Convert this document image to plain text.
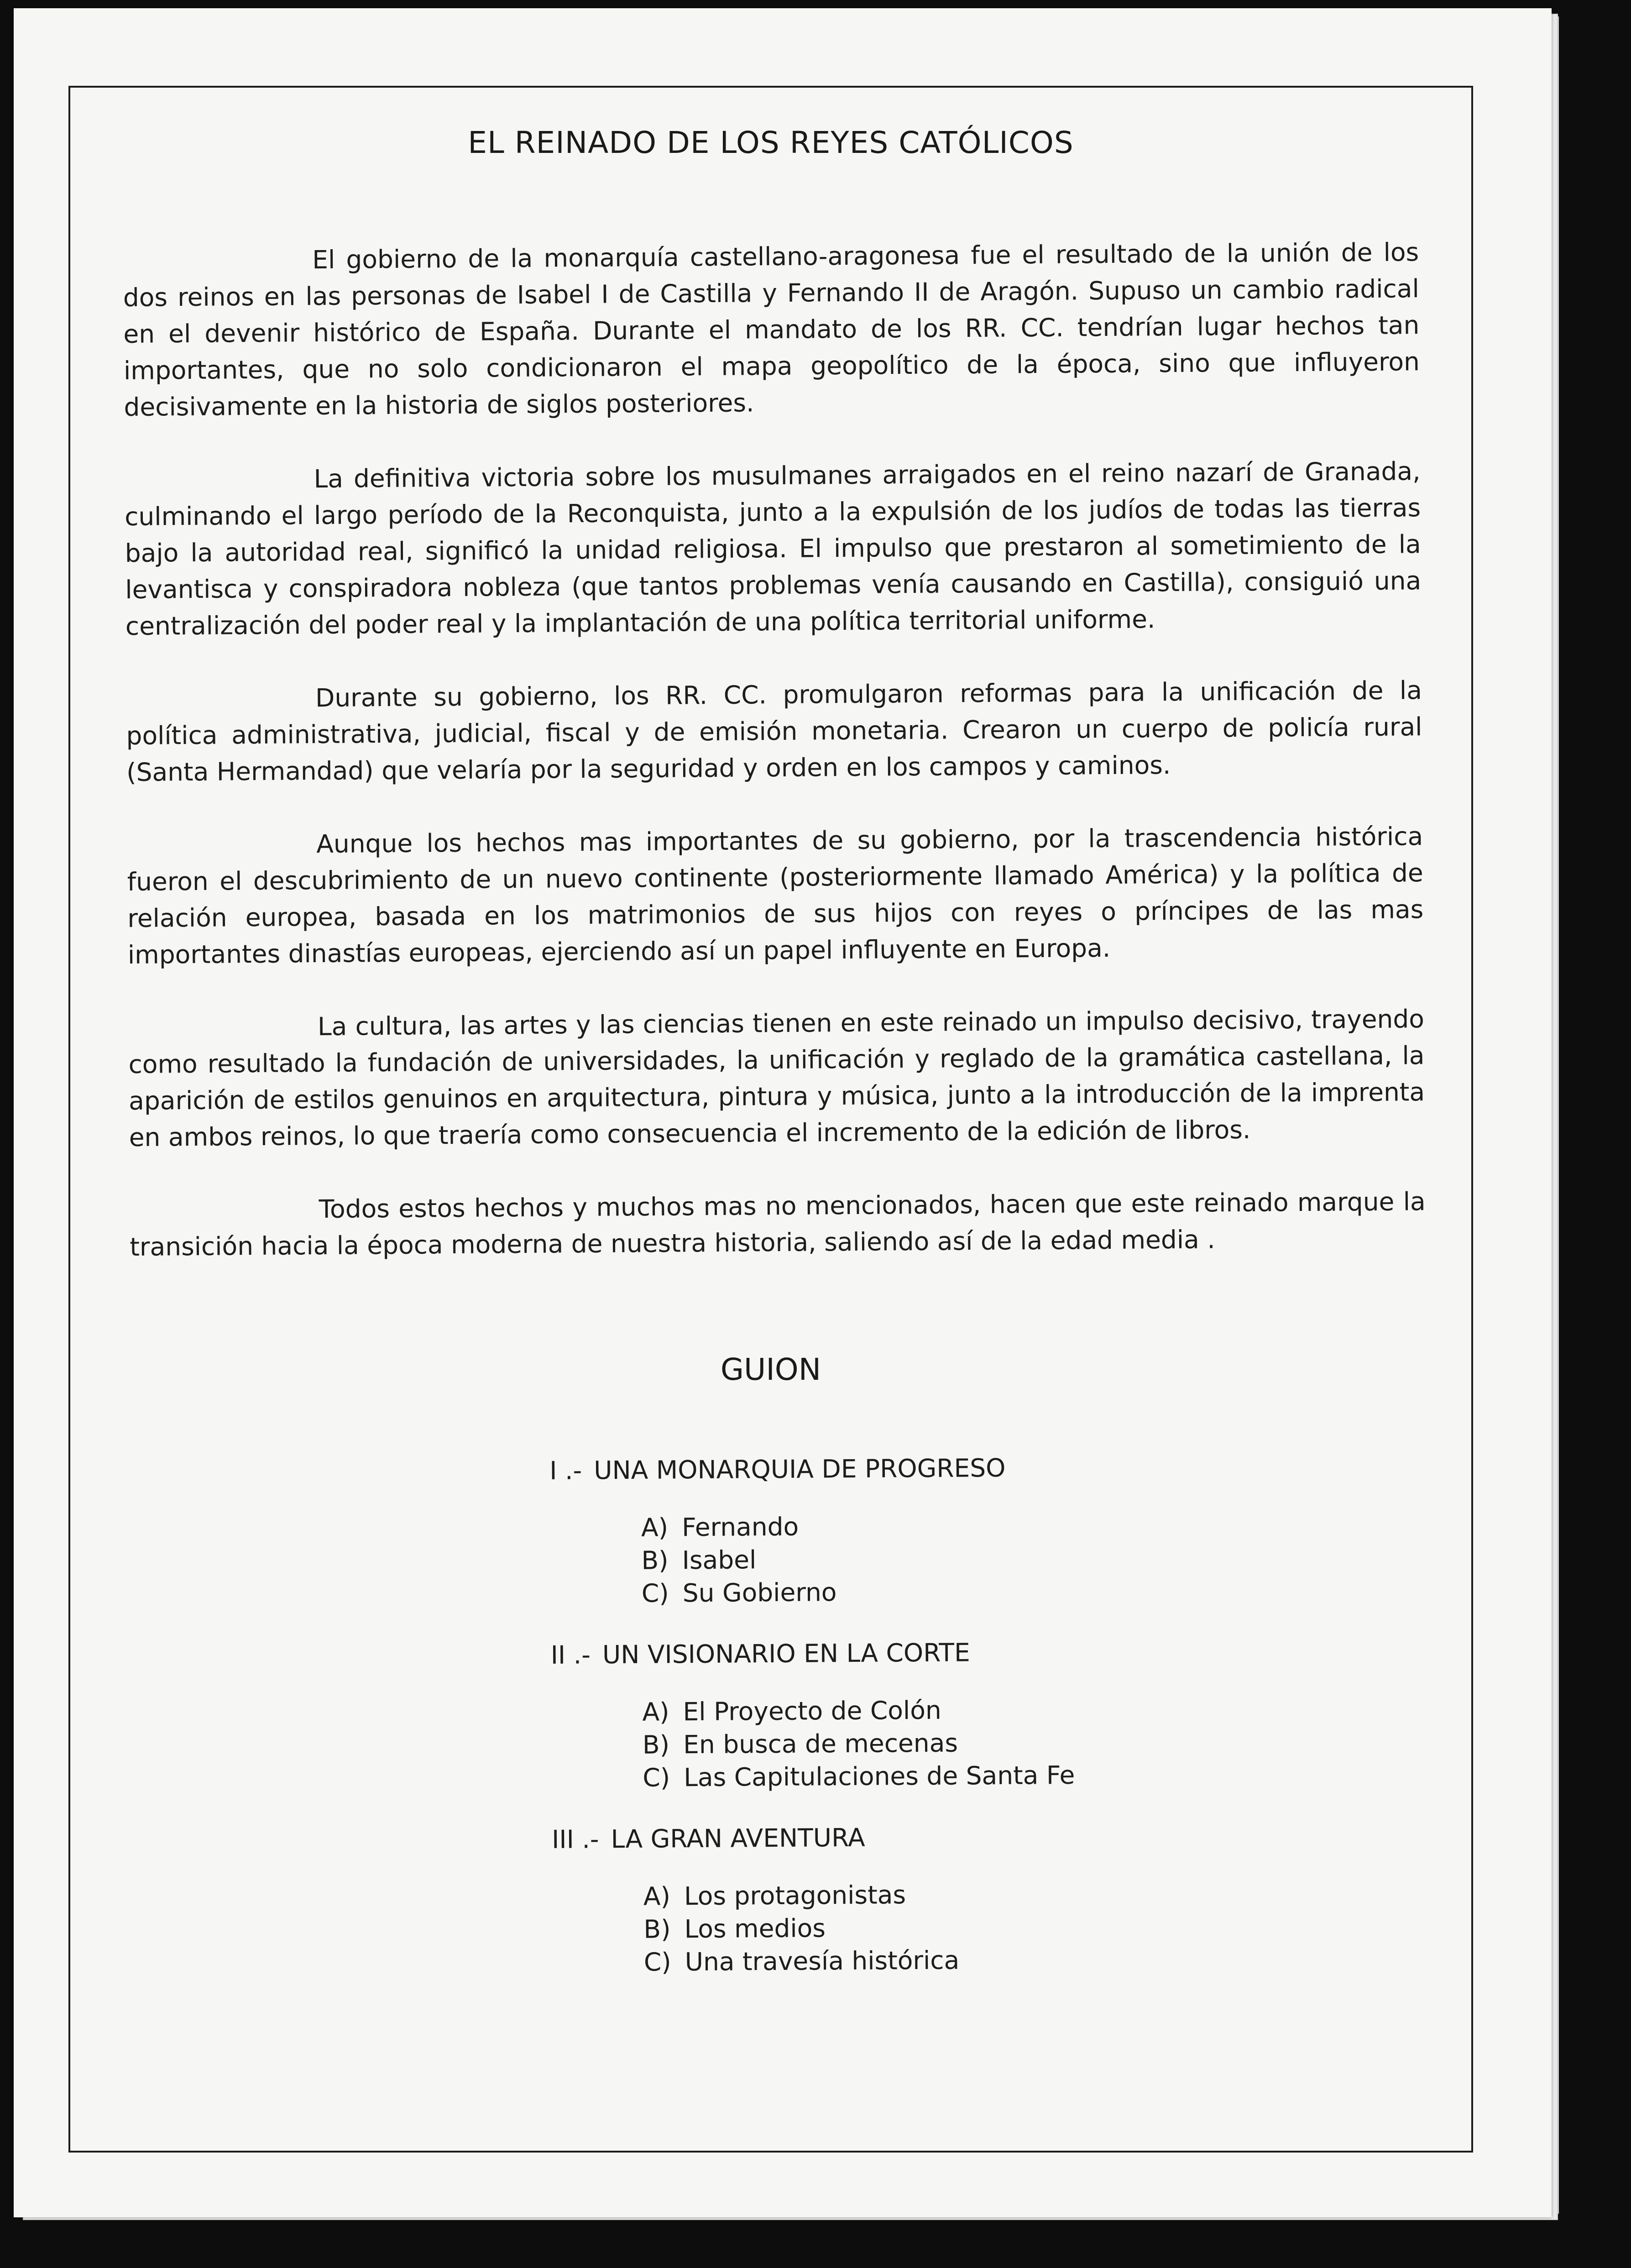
EL REINADO DE LOS REYES CATÓLICOS

El gobierno de la monarquía castellano-aragonesa fue el resultado de la unión de los dos reinos en las personas de Isabel I de Castilla y Fernando II de Aragón. Supuso un cambio radical en el devenir histórico de España. Durante el mandato de los RR. CC. tendrían lugar hechos tan importantes, que no solo condicionaron el mapa geopolítico de la época, sino que influyeron decisivamente en la historia de siglos posteriores.

La definitiva victoria sobre los musulmanes arraigados en el reino nazarí de Granada, culminando el largo período de la Reconquista, junto a la expulsión de los judíos de todas las tierras bajo la autoridad real, significó la unidad religiosa. El impulso que prestaron al sometimiento de la levantisca y conspiradora nobleza (que tantos problemas venía causando en Castilla), consiguió una centralización del poder real y la implantación de una política territorial uniforme.

Durante su gobierno, los RR. CC. promulgaron reformas para la unificación de la política administrativa, judicial, fiscal y de emisión monetaria. Crearon un cuerpo de policía rural (Santa Hermandad) que velaría por la seguridad y orden en los campos y caminos.

Aunque los hechos mas importantes de su gobierno, por la trascendencia histórica fueron el descubrimiento de un nuevo continente (posteriormente llamado América) y la política de relación europea, basada en los matrimonios de sus hijos con reyes o príncipes de las mas importantes dinastías europeas, ejerciendo así un papel influyente en Europa.

La cultura, las artes y las ciencias tienen en este reinado un impulso decisivo, trayendo como resultado la fundación de universidades, la unificación y reglado de la gramática castellana, la aparición de estilos genuinos en arquitectura, pintura y música, junto a la introducción de la imprenta en ambos reinos, lo que traería como consecuencia el incremento de la edición de libros.

Todos estos hechos y muchos mas no mencionados, hacen que este reinado marque la transición hacia la época moderna de nuestra historia, saliendo así de la edad media .

GUION
I .- UNA MONARQUIA DE PROGRESO
A) Fernando
B) Isabel
C) Su Gobierno
II .- UN VISIONARIO EN LA CORTE
A) El Proyecto de Colón
B) En busca de mecenas
C) Las Capitulaciones de Santa Fe
III .- LA GRAN AVENTURA
A) Los protagonistas
B) Los medios
C) Una travesía histórica
